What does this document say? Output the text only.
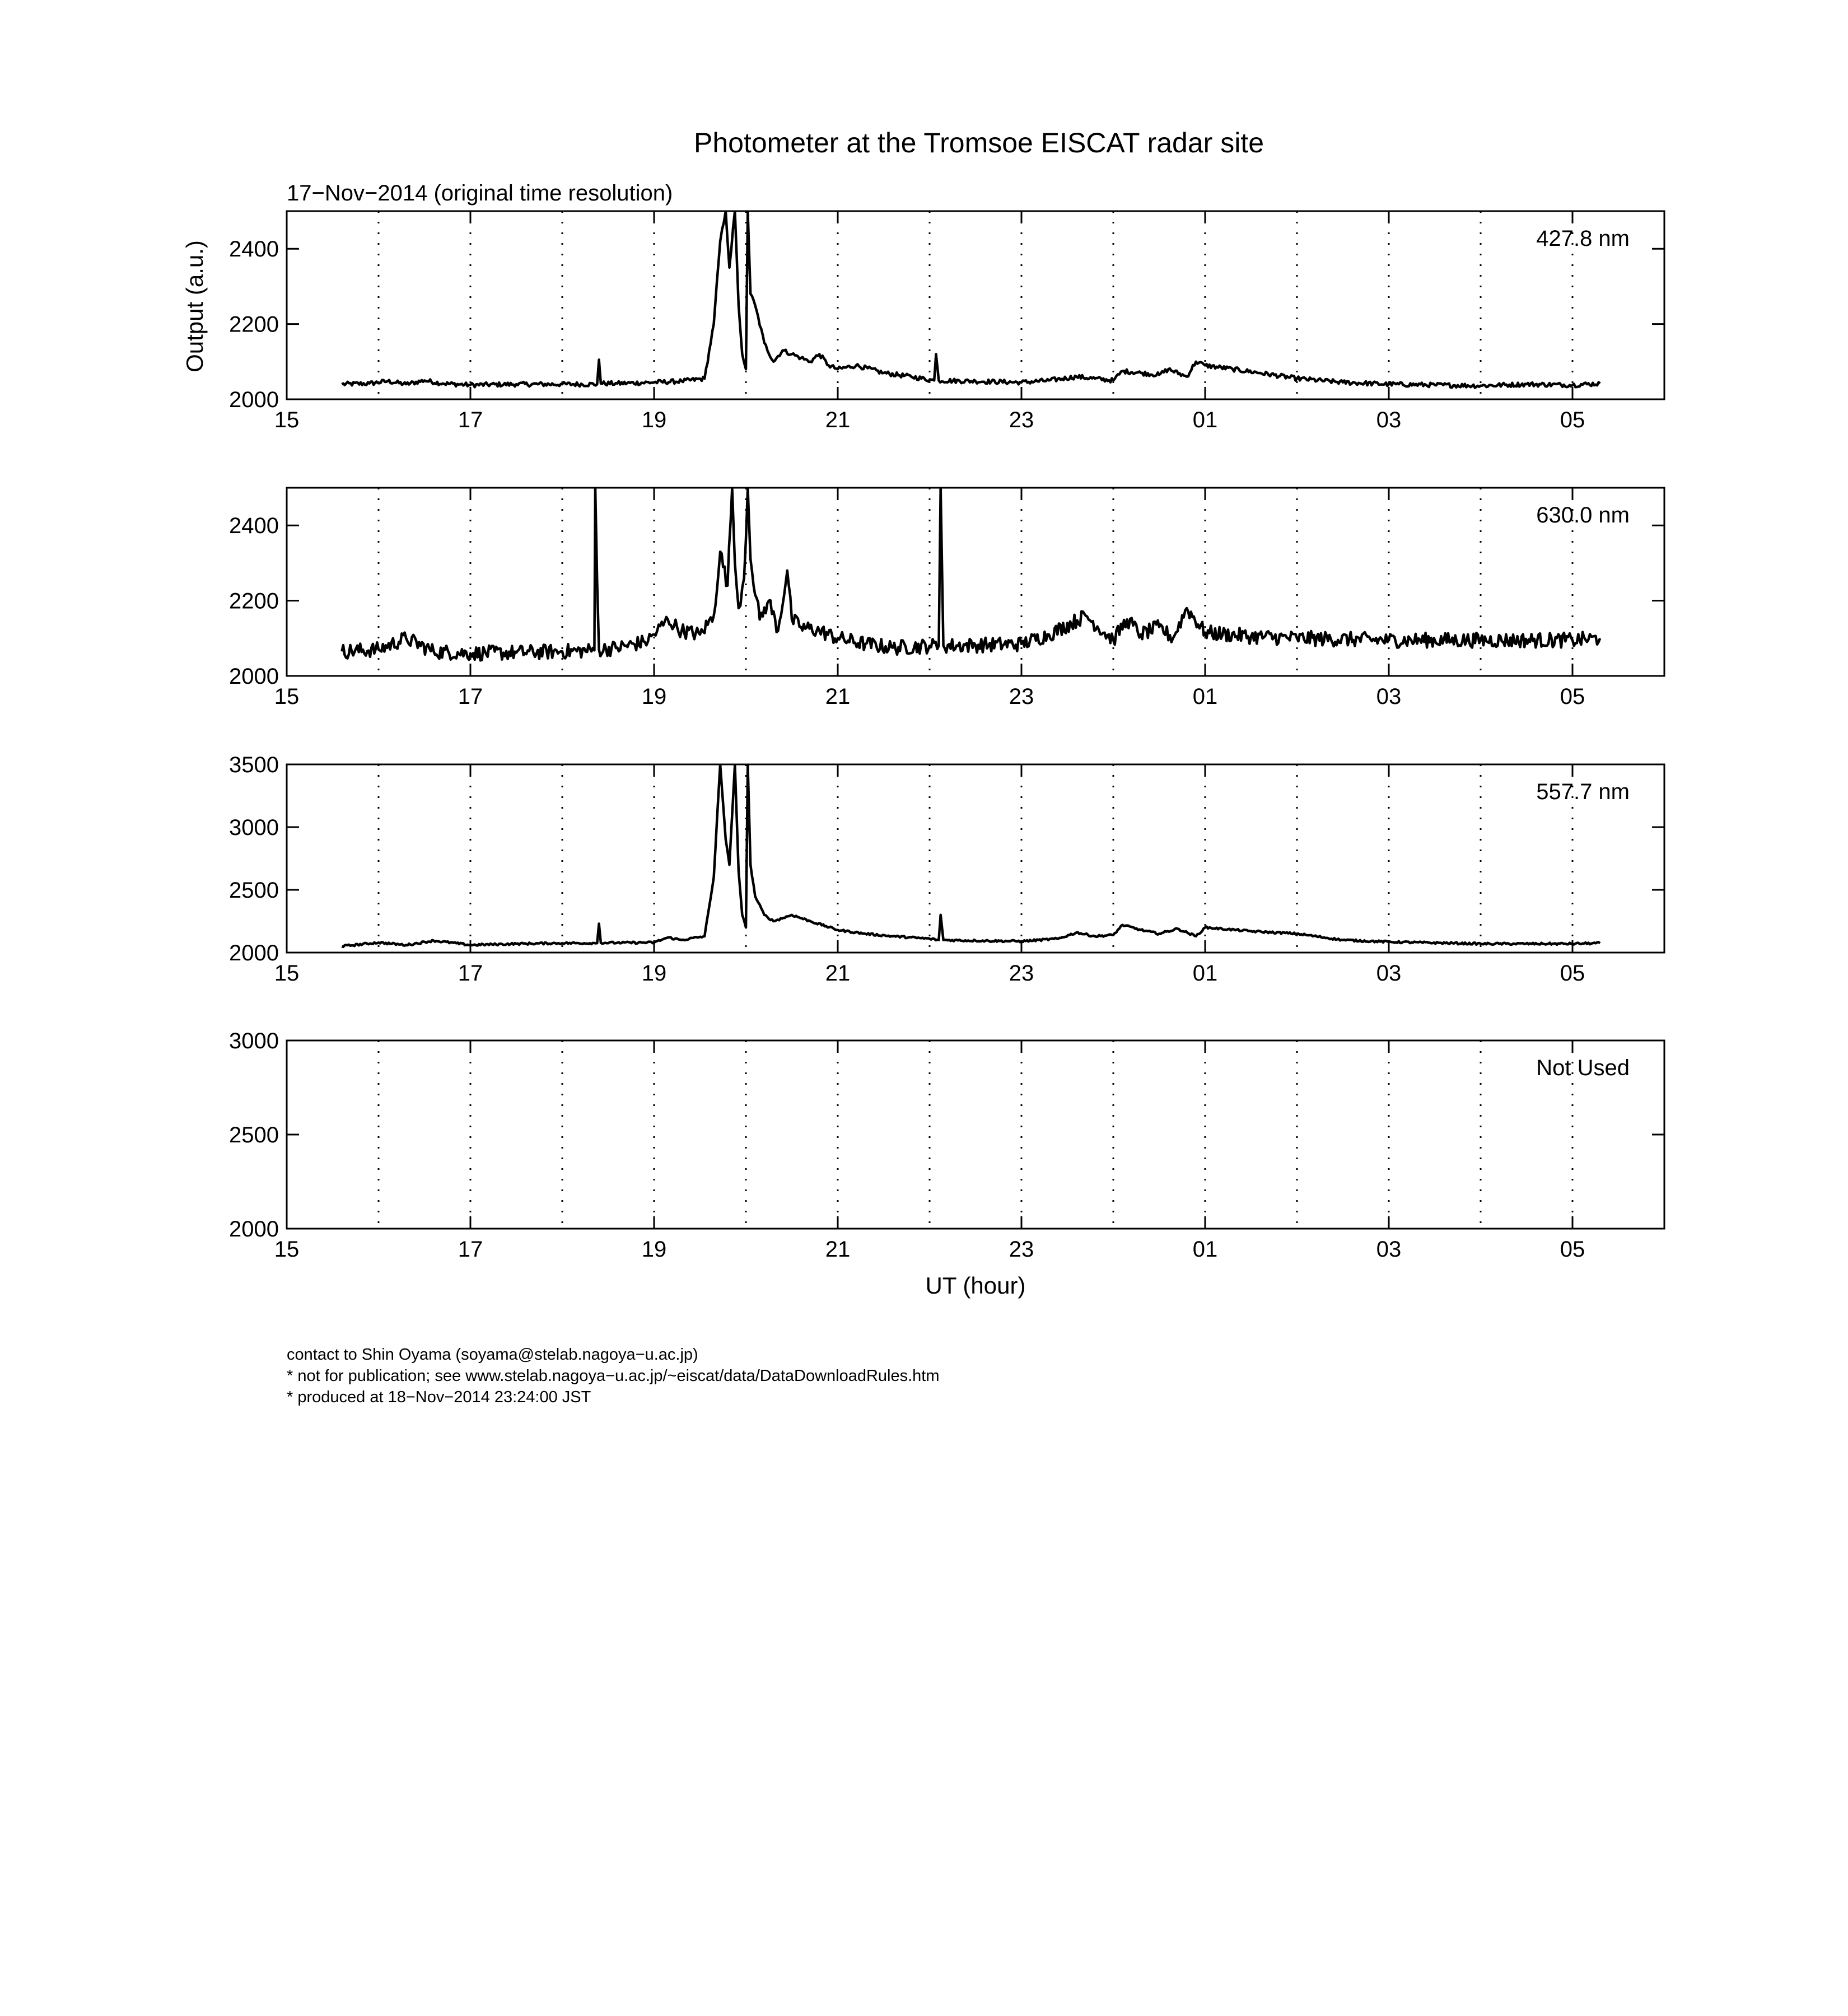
Photometer at the Tromsoe EISCAT radar site
17−Nov−2014 (original time resolution)
Output (a.u.)
UT (hour)
15	17	19	21	23	01	03	05
2000
2200
2400	427.8 nm
15	17	19	21	23	01	03	05
2000
2200
2400	630.0 nm
15	17	19	21	23	01	03	05
2000
2500
3000
3500
557.7 nm
15	17	19	21	23	01	03	05
2000
2500
3000
Not Used
contact to Shin Oyama (soyama@stelab.nagoya−u.ac.jp)
* not for publication; see www.stelab.nagoya−u.ac.jp/~eiscat/data/DataDownloadRules.htm
* produced at 18−Nov−2014 23:24:00 JST
